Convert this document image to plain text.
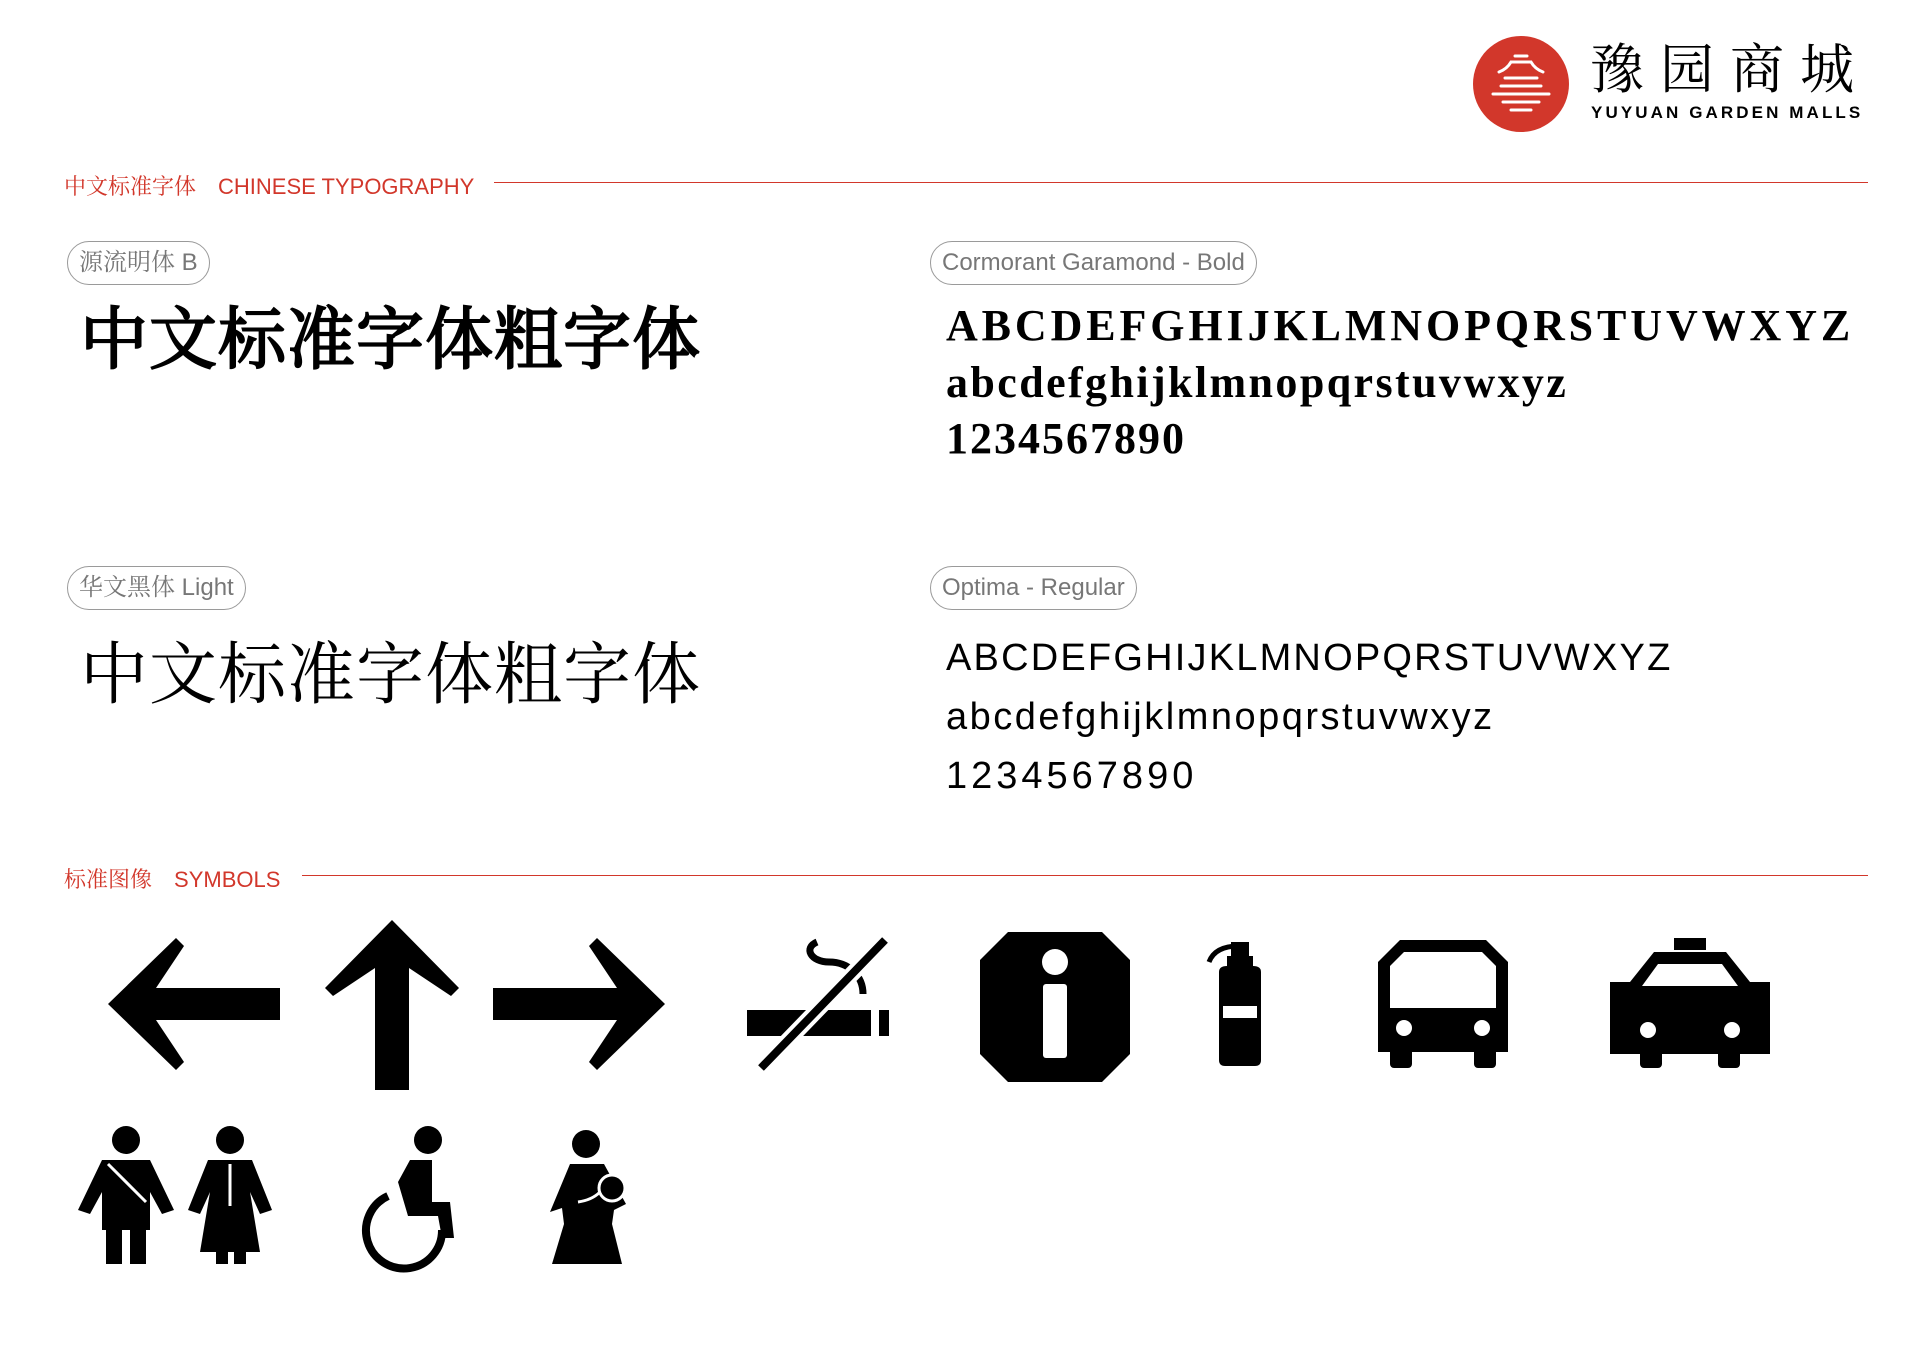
豫园商城
YUYUAN GARDEN MALLS
中文标准字体 CHINESE TYPOGRAPHY
源流明体 B
中文标准字体粗字体
华文黑体 Light
中文标准字体粗字体
Cormorant Garamond - Bold
ABCDEFGHIJKLMNOPQRSTUVWXYZ
abcdefghijklmnopqrstuvwxyz
1234567890
Optima - Regular
ABCDEFGHIJKLMNOPQRSTUVWXYZ
abcdefghijklmnopqrstuvwxyz
1234567890
标准图像 SYMBOLS
